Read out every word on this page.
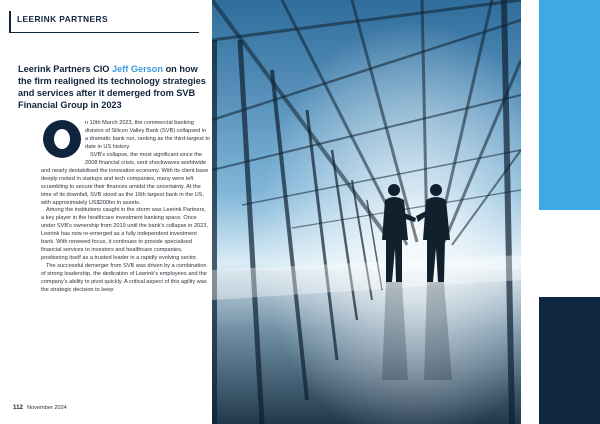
LEERINK PARTNERS
Leerink Partners CIO Jeff Gerson on how the firm realigned its technology strategies and services after it demerged from SVB Financial Group in 2023

n 10th March 2023, the commercial banking division of Silicon Valley Bank (SVB) collapsed in a dramatic bank run, ranking as the third-largest to date in US history.

SVB's collapse, the most significant since the 2008 financial crisis, sent shockwaves worldwide and nearly destabilised the innovation economy. With its client base deeply rooted in startups and tech companies, many were left scrambling to secure their finances amidst the uncertainty. At the time of its downfall, SVB stood as the 16th largest bank in the US, with approximately US$200bn in assets.

Among the institutions caught in the storm was Leerink Partners, a key player in the healthcare investment banking space. Once under SVB's ownership from 2019 until the bank's collapse in 2023, Leerink has now re-emerged as a fully independent investment bank. With renewed focus, it continues to provide specialised financial services to investors and healthcare companies, positioning itself as a trusted leader in a rapidly evolving sector.

The successful demerger from SVB was driven by a combination of strong leadership, the dedication of Leerink's employees and the company's ability to pivot quickly. A critical aspect of this agility was the strategic decision to keep

112 November 2024
